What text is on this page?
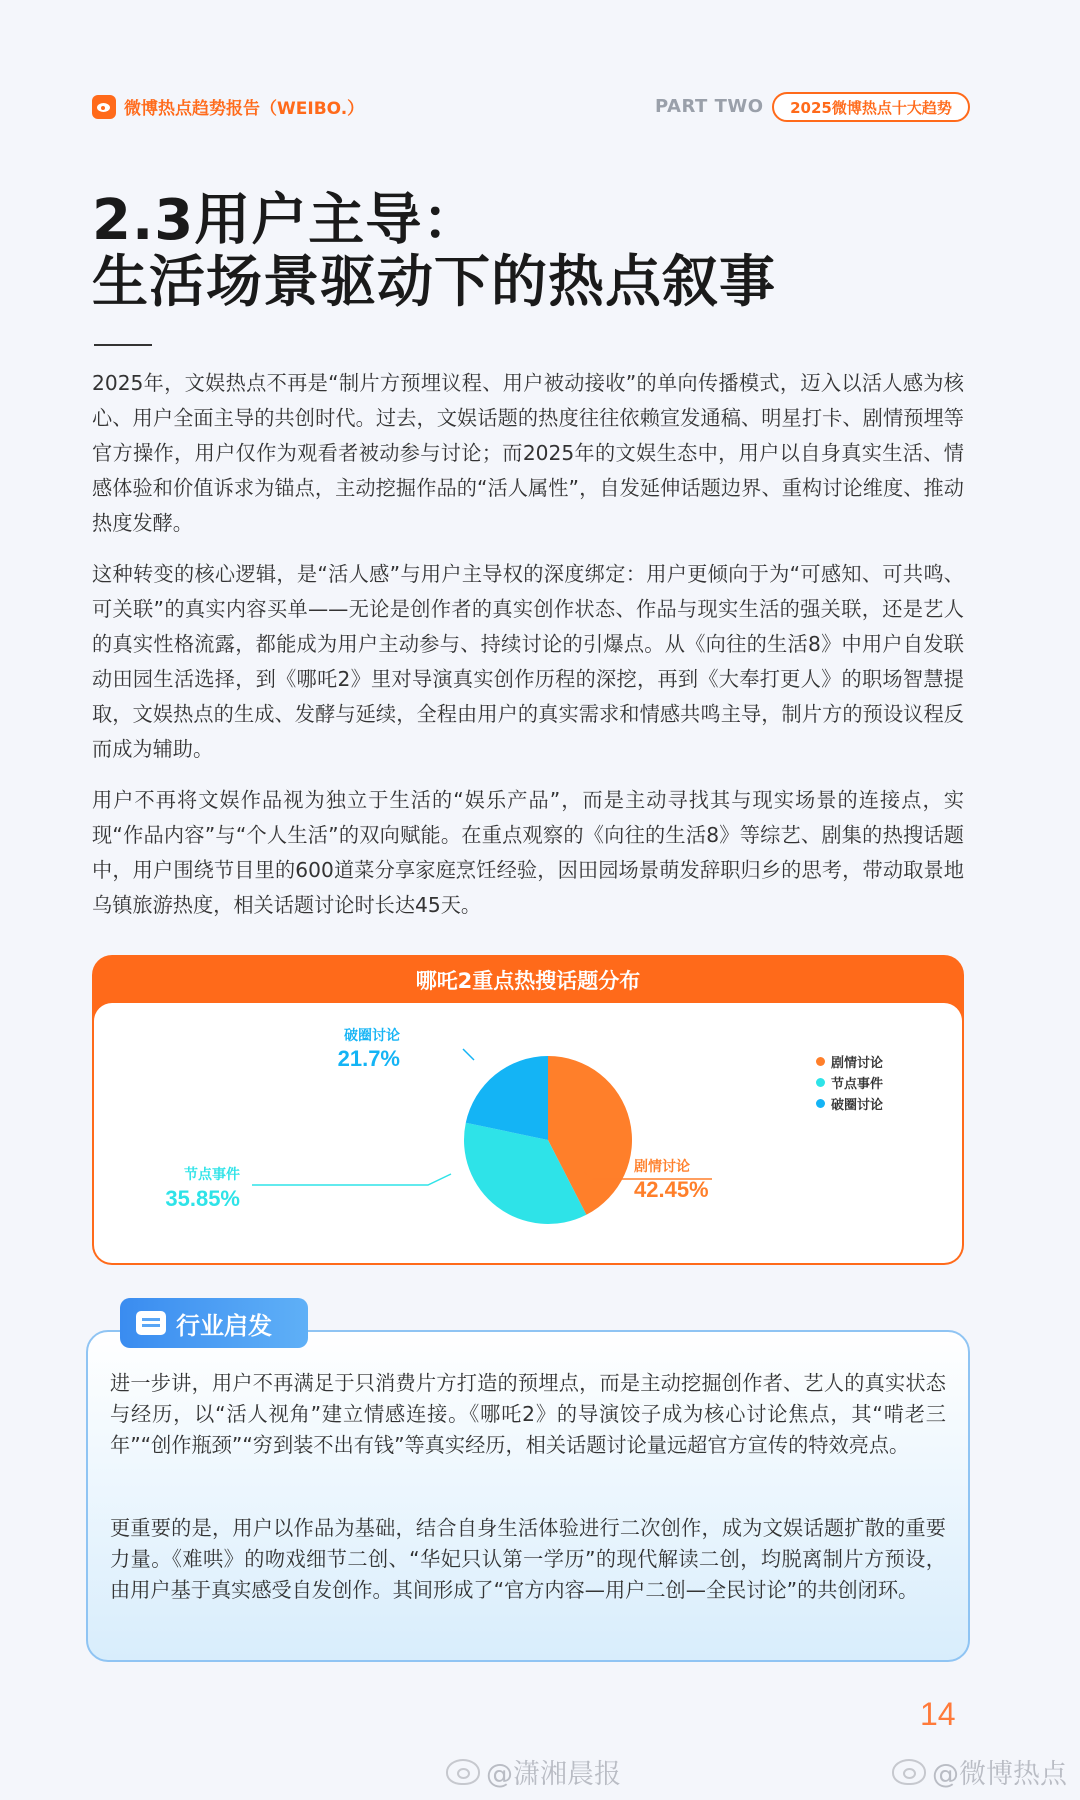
微博热点趋势报告（WEIBO.）	PART TWO	2025微博热点十大趋势
2.3用户主导：
生活场景驱动下的热点叙事

2025年，文娱热点不再是“制片方预埋议程、用户被动接收”的单向传播模式，迈入以活人感为核心、用户全面主导的共创时代。过去，文娱话题的热度往往依赖宣发通稿、明星打卡、剧情预埋等官方操作，用户仅作为观看者被动参与讨论；而2025年的文娱生态中，用户以自身真实生活、情感体验和价值诉求为锚点，主动挖掘作品的“活人属性”，自发延伸话题边界、重构讨论维度、推动热度发酵。

这种转变的核心逻辑，是“活人感”与用户主导权的深度绑定：用户更倾向于为“可感知、可共鸣、可关联”的真实内容买单——无论是创作者的真实创作状态、作品与现实生活的强关联，还是艺人的真实性格流露，都能成为用户主动参与、持续讨论的引爆点。从《向往的生活8》中用户自发联动田园生活选择，到《哪吒2》里对导演真实创作历程的深挖，再到《大奉打更人》的职场智慧提取，文娱热点的生成、发酵与延续，全程由用户的真实需求和情感共鸣主导，制片方的预设议程反而成为辅助。

用户不再将文娱作品视为独立于生活的“娱乐产品”，而是主动寻找其与现实场景的连接点，实现“作品内容”与“个人生活”的双向赋能。在重点观察的《向往的生活8》等综艺、剧集的热搜话题中，用户围绕节目里的600道菜分享家庭烹饪经验，因田园场景萌发辞职归乡的思考，带动取景地乌镇旅游热度，相关话题讨论时长达45天。

哪吒2重点热搜话题分布
剧情讨论
42.45%
节点事件
35.85%
破圈讨论
21.7%	剧情讨论
节点事件
破圈讨论
行业启发

进一步讲，用户不再满足于只消费片方打造的预埋点，而是主动挖掘创作者、艺人的真实状态与经历，以“活人视角”建立情感连接。《哪吒2》的导演饺子成为核心讨论焦点，其“啃老三年”“创作瓶颈”“穷到装不出有钱”等真实经历，相关话题讨论量远超官方宣传的特效亮点。

更重要的是，用户以作品为基础，结合自身生活体验进行二次创作，成为文娱话题扩散的重要力量。《难哄》的吻戏细节二创、“华妃只认第一学历”的现代解读二创，均脱离制片方预设，由用户基于真实感受自发创作。其间形成了“官方内容—用户二创—全民讨论”的共创闭环。

14
@潇湘晨报	@微博热点
